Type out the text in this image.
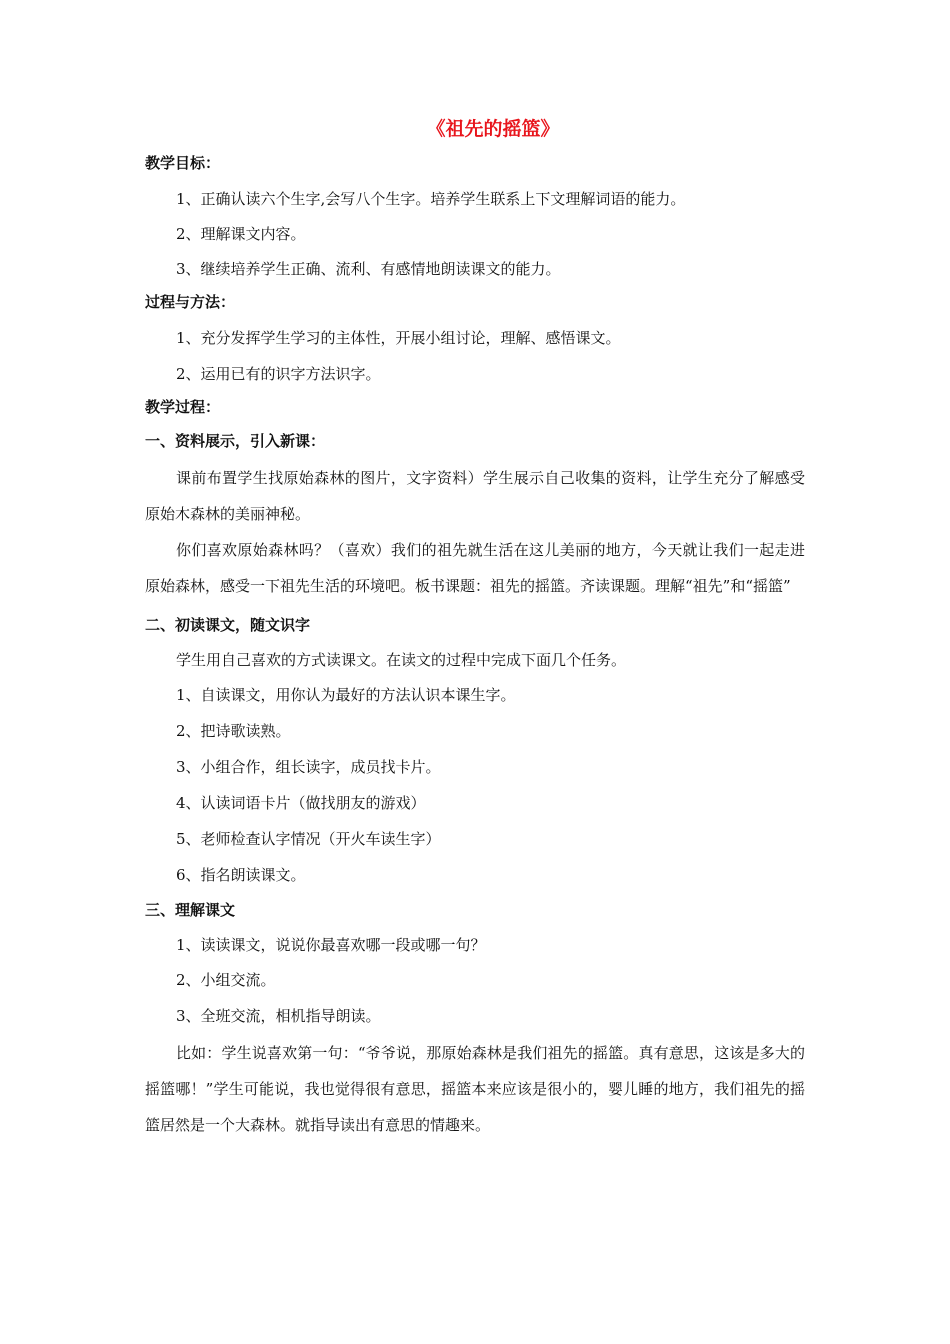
《祖先的摇篮》
教学目标：
1、正确认读六个生字,会写八个生字。培养学生联系上下文理解词语的能力。
2、理解课文内容。
3、继续培养学生正确、流利、有感情地朗读课文的能力。
过程与方法：
1、充分发挥学生学习的主体性，开展小组讨论，理解、感悟课文。
2、运用已有的识字方法识字。
教学过程：
一、资料展示，引入新课：

课前布置学生找原始森林的图片，文字资料）学生展示自己收集的资料，让学生充分了解感受原始木森林的美丽神秘。

你们喜欢原始森林吗？（喜欢）我们的祖先就生活在这儿美丽的地方，今天就让我们一起走进原始森林，感受一下祖先生活的环境吧。板书课题：祖先的摇篮。齐读课题。理解“祖先”和“摇篮”

二、初读课文，随文识字
学生用自己喜欢的方式读课文。在读文的过程中完成下面几个任务。
1、自读课文，用你认为最好的方法认识本课生字。
2、把诗歌读熟。
3、小组合作，组长读字，成员找卡片。
4、认读词语卡片（做找朋友的游戏）
5、老师检查认字情况（开火车读生字）
6、指名朗读课文。
三、理解课文
1、读读课文，说说你最喜欢哪一段或哪一句？
2、小组交流。
3、全班交流，相机指导朗读。

比如：学生说喜欢第一句：“爷爷说，那原始森林是我们祖先的摇篮。真有意思，这该是多大的摇篮哪！”学生可能说，我也觉得很有意思，摇篮本来应该是很小的，婴儿睡的地方，我们祖先的摇篮居然是一个大森林。就指导读出有意思的情趣来。
